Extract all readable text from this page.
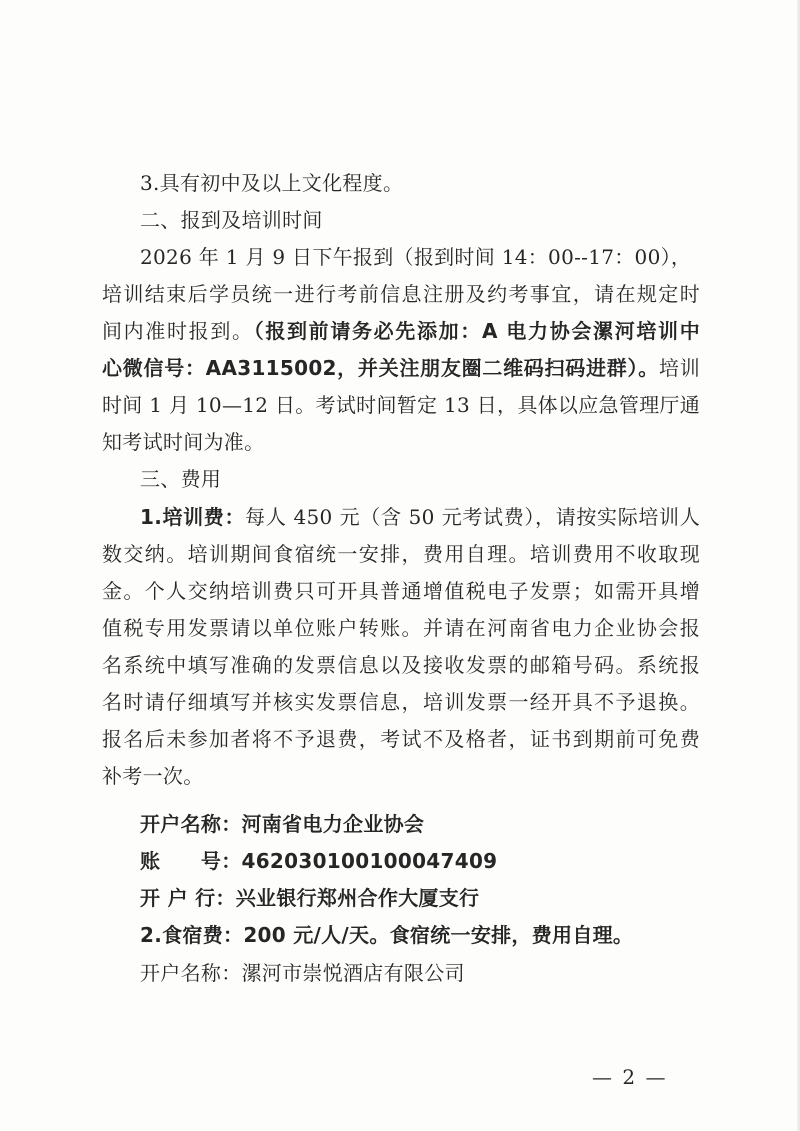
3.具有初中及以上文化程度。
二、报到及培训时间
2026 年 1 月 9 日下午报到（报到时间 14：00--17：00），
培训结束后学员统一进行考前信息注册及约考事宜，请在规定时
间内准时报到。（报到前请务必先添加：A 电力协会漯河培训中
心微信号：AA3115002，并关注朋友圈二维码扫码进群）。培训
时间 1 月 10—12 日。考试时间暂定 13 日，具体以应急管理厅通
知考试时间为准。
三、费用
1.培训费：每人 450 元（含 50 元考试费），请按实际培训人
数交纳。培训期间食宿统一安排，费用自理。培训费用不收取现
金。个人交纳培训费只可开具普通增值税电子发票；如需开具增
值税专用发票请以单位账户转账。并请在河南省电力企业协会报
名系统中填写准确的发票信息以及接收发票的邮箱号码。系统报
名时请仔细填写并核实发票信息，培训发票一经开具不予退换。
报名后未参加者将不予退费，考试不及格者，证书到期前可免费
补考一次。
开户名称：河南省电力企业协会
账　　号：462030100100047409
开 户 行：兴业银行郑州合作大厦支行
2.食宿费：200 元/人/天。食宿统一安排，费用自理。
开户名称：漯河市崇悦酒店有限公司
— 2 —
